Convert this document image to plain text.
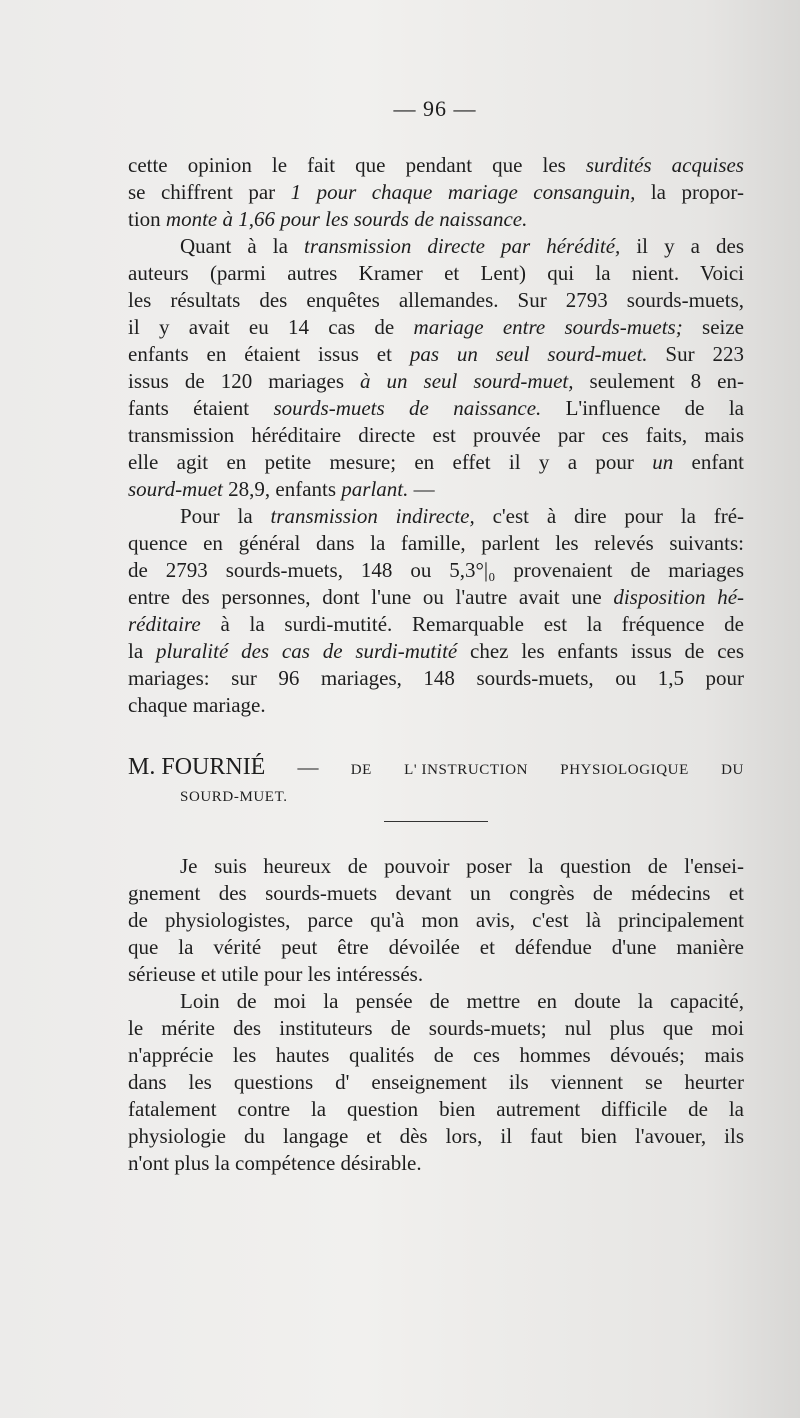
— 96 —

cette opinion le fait que pendant que les surdités acquises

se chiffrent par 1 pour chaque mariage consanguin, la propor-

tion monte à 1,66 pour les sourds de naissance.

Quant à la transmission directe par hérédité, il y a des

auteurs (parmi autres Kramer et Lent) qui la nient. Voici

les résultats des enquêtes allemandes. Sur 2793 sourds-muets,

il y avait eu 14 cas de mariage entre sourds-muets; seize

enfants en étaient issus et pas un seul sourd-muet. Sur 223

issus de 120 mariages à un seul sourd-muet, seulement 8 en-

fants étaient sourds-muets de naissance. L'influence de la

transmission héréditaire directe est prouvée par ces faits, mais

elle agit en petite mesure; en effet il y a pour un enfant

sourd-muet 28,9, enfants parlant. —

Pour la transmission indirecte, c'est à dire pour la fré-

quence en général dans la famille, parlent les relevés suivants:

de 2793 sourds-muets, 148 ou 5,3°|₀ provenaient de mariages

entre des personnes, dont l'une ou l'autre avait une disposition hé-

réditaire à la surdi-mutité. Remarquable est la fréquence de

la pluralité des cas de surdi-mutité chez les enfants issus de ces

mariages: sur 96 mariages, 148 sourds-muets, ou 1,5 pour

chaque mariage.

M. FOURNIÉ — DE L' INSTRUCTION PHYSIOLOGIQUE DU
SOURD-MUET.

Je suis heureux de pouvoir poser la question de l'ensei-

gnement des sourds-muets devant un congrès de médecins et

de physiologistes, parce qu'à mon avis, c'est là principalement

que la vérité peut être dévoilée et défendue d'une manière

sérieuse et utile pour les intéressés.

Loin de moi la pensée de mettre en doute la capacité,

le mérite des instituteurs de sourds-muets; nul plus que moi

n'apprécie les hautes qualités de ces hommes dévoués; mais

dans les questions d' enseignement ils viennent se heurter

fatalement contre la question bien autrement difficile de la

physiologie du langage et dès lors, il faut bien l'avouer, ils

n'ont plus la compétence désirable.
